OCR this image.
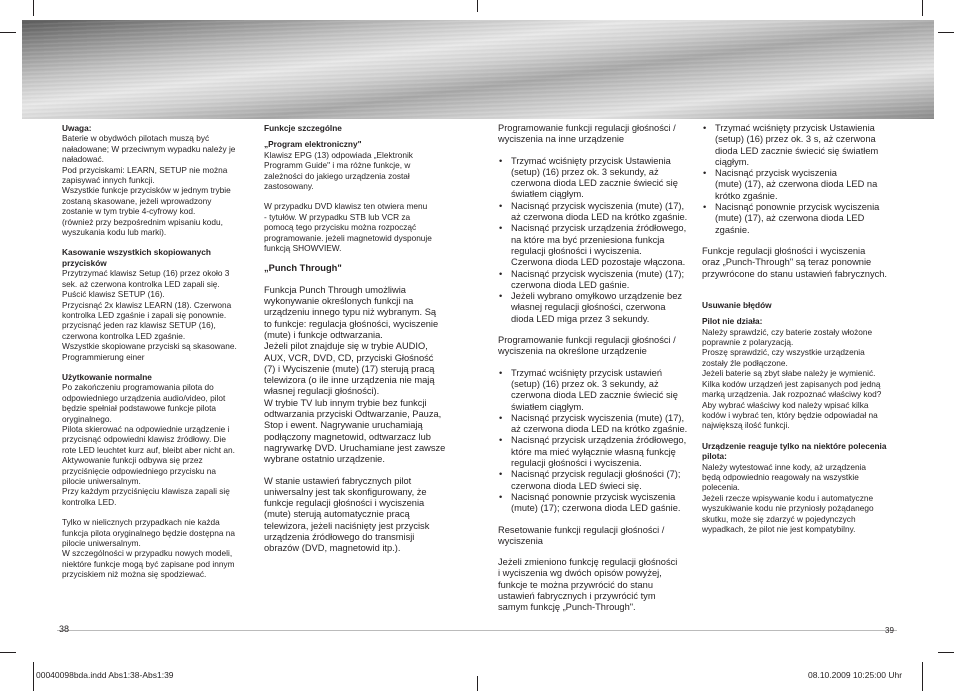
Uwaga:

Baterie w obydwóch pilotach muszą być
naładowane; W przeciwnym wypadku należy je
naładować.
Pod przyciskami: LEARN, SETUP nie można
zapisywać innych funkcji.
Wszystkie funkcje przycisków w jednym trybie
zostaną skasowane, jeżeli wprowadzony
zostanie w tym trybie 4-cyfrowy kod.
(również przy bezpośrednim wpisaniu kodu,
wyszukania kodu lub marki).

Kasowanie wszystkich skopiowanych
przycisków

Przytrzymać klawisz Setup (16) przez około 3
sek. aż czerwona kontrolka LED zapali się.
Puścić klawisz SETUP (16).
Przycisnąć 2x klawisz LEARN (18). Czerwona
kontrolka LED zgaśnie i zapali się ponownie.
przycisnąć jeden raz klawisz SETUP (16),
czerwona kontrolka LED zgaśnie.
Wszystkie skopiowane przyciski są skasowane.
Programmierung einer

Użytkowanie normalne

Po zakończeniu programowania pilota do
odpowiedniego urządzenia audio/video, pilot
będzie spełniał podstawowe funkcje pilota
oryginalnego.
Pilota skierować na odpowiednie urządzenie i
przycisnąć odpowiedni klawisz źródłowy. Die
rote LED leuchtet kurz auf, bleibt aber nicht an.
Aktywowanie funkcji odbywa się przez
przyciśnięcie odpowiedniego przycisku na
pilocie uniwersalnym.
Przy każdym przyciśnięciu klawisza zapali się
kontrolka LED.

Tylko w nielicznych przypadkach nie każda
funkcja pilota oryginalnego będzie dostępna na
pilocie uniwersalnym.
W szczególności w przypadku nowych modeli,
niektóre funkcje mogą być zapisane pod innym
przyciskiem niż można się spodziewać.

Funkcje szczególne

„Program elektroniczny"

Klawisz EPG (13) odpowiada „Elektronik
Programm Guide" i ma różne funkcje, w
zależności do jakiego urządzenia został
zastosowany.

W przypadku DVD klawisz ten otwiera menu
- tytułów. W przypadku STB lub VCR za
pomocą tego przycisku można rozpocząć
programowanie. jeżeli magnetowid dysponuje
funkcją SHOWVIEW.

„Punch Through"

Funkcja Punch Through umożliwia
wykonywanie określonych funkcji na
urządzeniu innego typu niż wybranym. Są
to funkcje: regulacja głośności, wyciszenie
(mute) i funkcje odtwarzania.
Jeżeli pilot znajduje się w trybie AUDIO,
AUX, VCR, DVD, CD, przyciski Głośność
(7) i Wyciszenie (mute) (17) sterują pracą
telewizora (o ile inne urządzenia nie mają
własnej regulacji głośności).
W trybie TV lub innym trybie bez funkcji
odtwarzania przyciski Odtwarzanie, Pauza,
Stop i ewent. Nagrywanie uruchamiają
podłączony magnetowid, odtwarzacz lub
nagrywarkę DVD. Uruchamiane jest zawsze
wybrane ostatnio urządzenie.

W stanie ustawień fabrycznych pilot
uniwersalny jest tak skonfigurowany, że
funkcje regulacji głośności i wyciszenia
(mute) sterują automatycznie pracą
telewizora, jeżeli naciśnięty jest przycisk
urządzenia źródłowego do transmisji
obrazów (DVD, magnetowid itp.).

Programowanie funkcji regulacji głośności /
wyciszenia na inne urządzenie

• Trzymać wciśnięty przycisk Ustawienia
(setup) (16) przez ok. 3 sekundy, aż
czerwona dioda LED zacznie świecić się
światłem ciągłym.
• Nacisnąć przycisk wyciszenia (mute) (17),
aż czerwona dioda LED na krótko zgaśnie.
• Nacisnąć przycisk urządzenia źródłowego,
na które ma być przeniesiona funkcja
regulacji głośności i wyciszenia.
Czerwona dioda LED pozostaje włączona.
• Nacisnąć przycisk wyciszenia (mute) (17);
czerwona dioda LED gaśnie.
• Jeżeli wybrano omyłkowo urządzenie bez
własnej regulacji głośności, czerwona
dioda LED miga przez 3 sekundy.

Programowanie funkcji regulacji głośności /
wyciszenia na określone urządzenie

• Trzymać wciśnięty przycisk ustawień
(setup) (16) przez ok. 3 sekundy, aż
czerwona dioda LED zacznie świecić się
światłem ciągłym.
• Nacisnąć przycisk wyciszenia (mute) (17),
aż czerwona dioda LED na krótko zgaśnie.
• Nacisnąć przycisk urządzenia źródłowego,
które ma mieć wyłącznie własną funkcję
regulacji głośności i wyciszenia.
• Nacisnąć przycisk regulacji głośności (7);
czerwona dioda LED świeci się.
• Nacisnąć ponownie przycisk wyciszenia
(mute) (17); czerwona dioda LED gaśnie.

Resetowanie funkcji regulacji głośności /
wyciszenia

Jeżeli zmieniono funkcję regulacji głośności
i wyciszenia wg dwóch opisów powyżej,
funkcje te można przywrócić do stanu
ustawień fabrycznych i przywrócić tym
samym funkcję „Punch-Through".

• Trzymać wciśnięty przycisk Ustawienia
(setup) (16) przez ok. 3 s, aż czerwona
dioda LED zacznie świecić się światłem
ciągłym.
• Nacisnąć przycisk wyciszenia
(mute) (17), aż czerwona dioda LED na
krótko zgaśnie.
• Nacisnąć ponownie przycisk wyciszenia
(mute) (17), aż czerwona dioda LED
zgaśnie.

Funkcje regulacji głośności i wyciszenia
oraz „Punch-Through" są teraz ponownie
przywrócone do stanu ustawień fabrycznych.

Usuwanie błędów

Pilot nie działa:

Należy sprawdzić, czy baterie zostały włożone
poprawnie z polaryzacją.
Proszę sprawdzić, czy wszystkie urządzenia
zostały źle podłączone.
Jeżeli baterie są zbyt słabe należy je wymienić.
Kilka kodów urządzeń jest zapisanych pod jedną
marką urządzenia. Jak rozpoznać właściwy kod?
Aby wybrać właściwy kod należy wpisać kilka
kodów i wybrać ten, który będzie odpowiadał na
największą ilość funkcji.

Urządzenie reaguje tylko na niektóre polecenia
pilota:

Należy wytestować inne kody, aż urządzenia
będą odpowiednio reagowały na wszystkie
polecenia.
Jeżeli rzecze wpisywanie kodu i automatyczne
wyszukiwanie kodu nie przyniosły pożądanego
skutku, może się zdarzyć w pojedynczych
wypadkach, że pilot nie jest kompatybilny.

38	39
00040098bda.indd Abs1:38-Abs1:39	08.10.2009 10:25:00 Uhr
